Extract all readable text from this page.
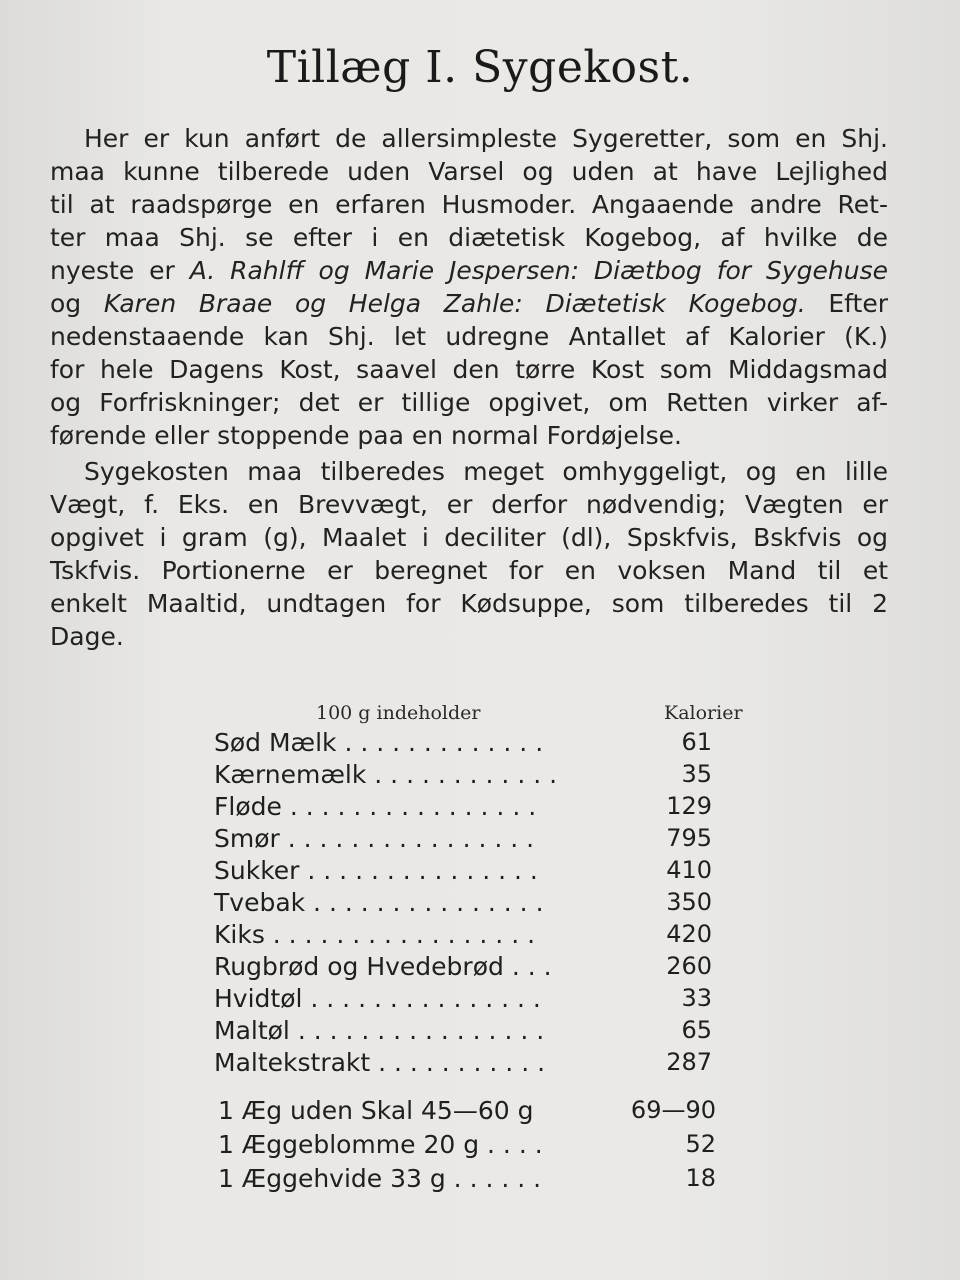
Tillæg I. Sygekost.
Her er kun anført de allersimpleste Sygeretter, som en Shj.
maa kunne tilberede uden Varsel og uden at have Lejlighed
til at raadspørge en erfaren Husmoder. Angaaende andre Ret-
ter maa Shj. se efter i en diætetisk Kogebog, af hvilke de
nyeste er A. Rahlff og Marie Jespersen: Diætbog for Sygehuse
og Karen Braae og Helga Zahle: Diætetisk Kogebog. Efter
nedenstaaende kan Shj. let udregne Antallet af Kalorier (K.)
for hele Dagens Kost, saavel den tørre Kost som Middagsmad
og Forfriskninger; det er tillige opgivet, om Retten virker af-
førende eller stoppende paa en normal Fordøjelse.
Sygekosten maa tilberedes meget omhyggeligt, og en lille
Vægt, f. Eks. en Brevvægt, er derfor nødvendig; Vægten er
opgivet i gram (g), Maalet i deciliter (dl), Spskfvis, Bskfvis og
Tskfvis. Portionerne er beregnet for en voksen Mand til et
enkelt Maaltid, undtagen for Kødsuppe, som tilberedes til 2
Dage.
100 g indeholder	Kalorier
Sød Mælk . . . . . . . . . . . . .	61
Kærnemælk . . . . . . . . . . . .	35
Fløde . . . . . . . . . . . . . . . .	129
Smør . . . . . . . . . . . . . . . .	795
Sukker . . . . . . . . . . . . . . .	410
Tvebak . . . . . . . . . . . . . . .	350
Kiks . . . . . . . . . . . . . . . . .	420
Rugbrød og Hvedebrød . . .	260
Hvidtøl . . . . . . . . . . . . . . .	33
Maltøl . . . . . . . . . . . . . . . .	65
Maltekstrakt . . . . . . . . . . .	287
1 Æg uden Skal 45—60 g	69—90
1 Æggeblomme 20 g . . . .	52
1 Æggehvide 33 g . . . . . .	18
